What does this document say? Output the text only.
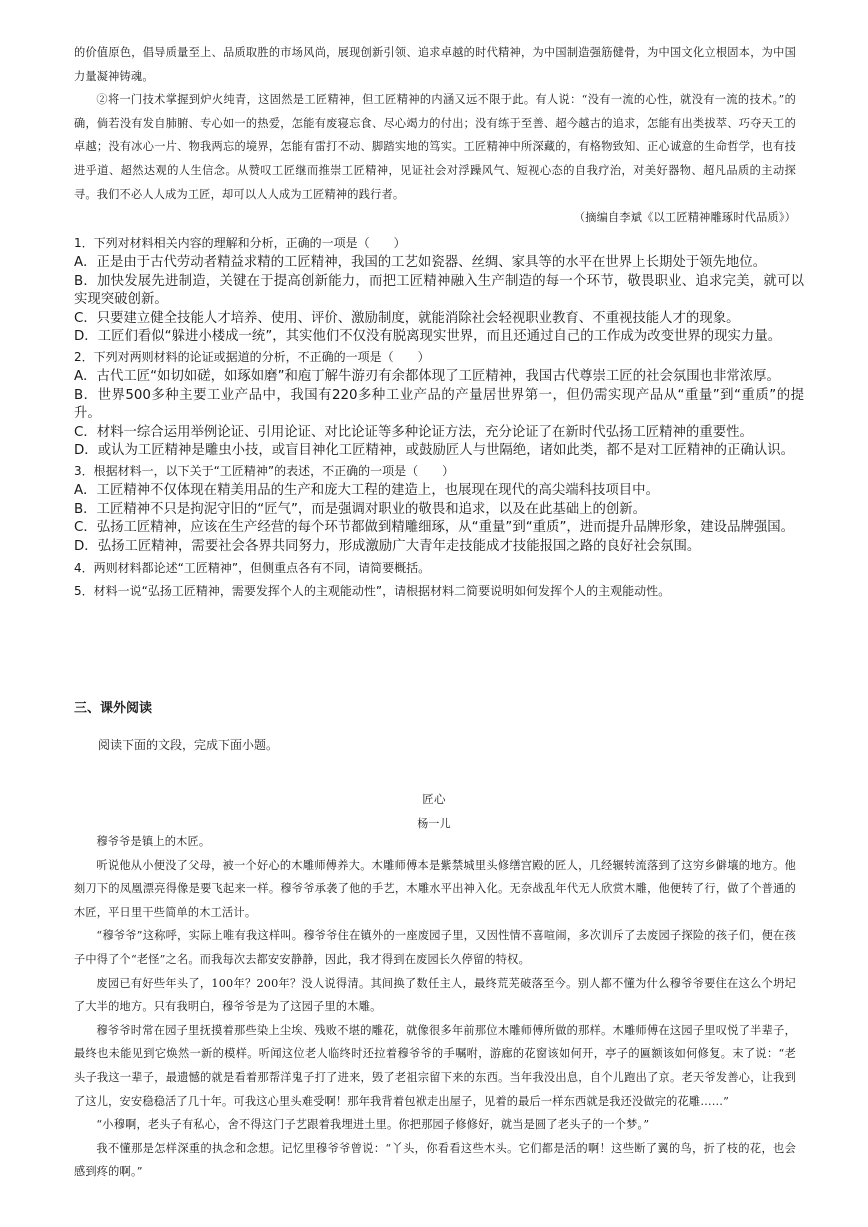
的价值原色，倡导质量至上、品质取胜的市场风尚，展现创新引领、追求卓越的时代精神，为中国制造强筋健骨，为中国文化立根固本，为中国力量凝神铸魂。

②将一门技术掌握到炉火纯青，这固然是工匠精神，但工匠精神的内涵又远不限于此。有人说：“没有一流的心性，就没有一流的技术。”的确，倘若没有发自肺腑、专心如一的热爱，怎能有废寝忘食、尽心竭力的付出；没有练于至善、超今越古的追求，怎能有出类拔萃、巧夺天工的卓越；没有冰心一片、物我两忘的境界，怎能有雷打不动、脚踏实地的笃实。工匠精神中所深藏的，有格物致知、正心诚意的生命哲学，也有技进乎道、超然达观的人生信念。从赞叹工匠继而推崇工匠精神，见证社会对浮躁风气、短视心态的自我疗治，对美好器物、超凡品质的主动探寻。我们不必人人成为工匠，却可以人人成为工匠精神的践行者。

（摘编自李斌《以工匠精神雕琢时代品质》）

1．下列对材料相关内容的理解和分析，正确的一项是（　　）

A．正是由于古代劳动者精益求精的工匠精神，我国的工艺如瓷器、丝绸、家具等的水平在世界上长期处于领先地位。

B．加快发展先进制造，关键在于提高创新能力，而把工匠精神融入生产制造的每一个环节，敬畏职业、追求完美，就可以实现突破创新。

C．只要建立健全技能人才培养、使用、评价、激励制度，就能消除社会轻视职业教育、不重视技能人才的现象。

D．工匠们看似“躲进小楼成一统”，其实他们不仅没有脱离现实世界，而且还通过自己的工作成为改变世界的现实力量。

2．下列对两则材料的论证或据道的分析，不正确的一项是（　　）

A．古代工匠“如切如磋，如琢如磨”和庖丁解牛游刃有余都体现了工匠精神，我国古代尊崇工匠的社会氛围也非常浓厚。

B．世界500多种主要工业产品中，我国有220多种工业产品的产量居世界第一，但仍需实现产品从“重量”到“重质”的提升。

C．材料一综合运用举例论证、引用论证、对比论证等多种论证方法，充分论证了在新时代弘扬工匠精神的重要性。

D．或认为工匠精神是雕虫小技，或盲目神化工匠精神，或鼓励匠人与世隔绝，诸如此类，都不是对工匠精神的正确认识。

3．根据材料一，以下关于“工匠精神”的表述，不正确的一项是（　　）

A．工匠精神不仅体现在精美用品的生产和庞大工程的建造上，也展现在现代的高尖端科技项目中。

B．工匠精神不只是拘泥守旧的“匠气”，而是强调对职业的敬畏和追求，以及在此基础上的创新。

C．弘扬工匠精神，应该在生产经营的每个环节都做到精雕细琢，从“重量”到“重质”，进而提升品牌形象，建设品牌强国。

D．弘扬工匠精神，需要社会各界共同努力，形成激励广大青年走技能成才技能报国之路的良好社会氛围。

4．两则材料都论述“工匠精神”，但侧重点各有不同，请简要概括。

5．材料一说“弘扬工匠精神，需要发挥个人的主观能动性”，请根据材料二简要说明如何发挥个人的主观能动性。

三、课外阅读

阅读下面的文段，完成下面小题。

匠心

杨一儿

穆爷爷是镇上的木匠。

听说他从小便没了父母，被一个好心的木雕师傅养大。木雕师傅本是紫禁城里头修缮宫殿的匠人，几经辗转流落到了这穷乡僻壤的地方。他刻刀下的凤凰漂亮得像是要飞起来一样。穆爷爷承袭了他的手艺，木雕水平出神入化。无奈战乱年代无人欣赏木雕，他便转了行，做了个普通的木匠，平日里干些简单的木工活计。

“穆爷爷”这称呼，实际上唯有我这样叫。穆爷爷住在镇外的一座废园子里，又因性情不喜喧闹，多次训斥了去废园子探险的孩子们，便在孩子中得了个“老怪”之名。而我每次去都安安静静，因此，我才得到在废园长久停留的特权。

废园已有好些年头了，100年？200年？没人说得清。其间换了数任主人，最终荒芜破落至今。别人都不懂为什么穆爷爷要住在这么个坍圮了大半的地方。只有我明白，穆爷爷是为了这园子里的木雕。

穆爷爷时常在园子里抚摸着那些染上尘埃、残败不堪的雕花，就像很多年前那位木雕师傅所做的那样。木雕师傅在这园子里叹悦了半辈子，最终也未能见到它焕然一新的模样。听闻这位老人临终时还拉着穆爷爷的手嘱咐，游廊的花窗该如何开，亭子的匾额该如何修复。末了说：“老头子我这一辈子，最遗憾的就是看着那帮洋鬼子打了进来，毁了老祖宗留下来的东西。当年我没出息，自个儿跑出了京。老天爷发善心，让我到了这儿，安安稳稳活了几十年。可我这心里头难受啊！那年我背着包袱走出屋子，见着的最后一样东西就是我还没做完的花雕……”

“小穆啊，老头子有私心，舍不得这门子艺跟着我埋进土里。你把那园子修修好，就当是圆了老头子的一个梦。”

我不懂那是怎样深重的执念和念想。记忆里穆爷爷曾说：“丫头，你看看这些木头。它们都是活的啊！这些断了翼的鸟，折了枝的花，也会感到疼的啊。”
